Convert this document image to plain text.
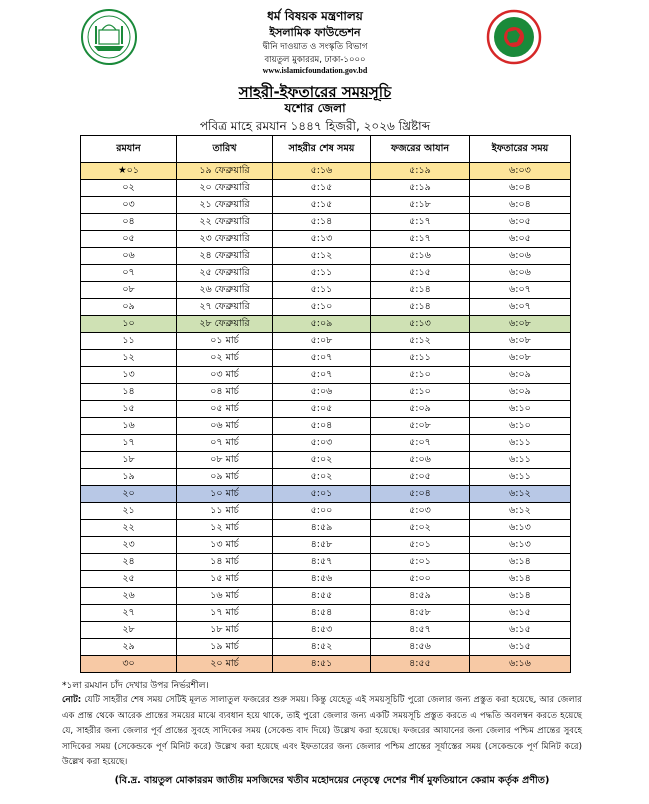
ধর্ম বিষয়ক মন্ত্রণালয়
ইসলামিক ফাউন্ডেশন
দ্বীনি দাওয়াত ও সংস্কৃতি বিভাগ
বায়তুল মুকাররম, ঢাকা-১০০০
www.islamicfoundation.gov.bd
সাহরী-ইফতারের সময়সূচি
যশোর জেলা
পবিত্র মাহে রমযান ১৪৪৭ হিজরী, ২০২৬ খ্রিষ্টাব্দ
রমযান	তারিখ	সাহরীর শেষ সময়	ফজরের আযান	ইফতারের সময়
★০১	১৯ ফেব্রুয়ারি	৫:১৬	৫:১৯	৬:০৩
০২	২০ ফেব্রুয়ারি	৫:১৫	৫:১৯	৬:০৪
০৩	২১ ফেব্রুয়ারি	৫:১৫	৫:১৮	৬:০৪
০৪	২২ ফেব্রুয়ারি	৫:১৪	৫:১৭	৬:০৫
০৫	২৩ ফেব্রুয়ারি	৫:১৩	৫:১৭	৬:০৫
০৬	২৪ ফেব্রুয়ারি	৫:১২	৫:১৬	৬:০৬
০৭	২৫ ফেব্রুয়ারি	৫:১১	৫:১৫	৬:০৬
০৮	২৬ ফেব্রুয়ারি	৫:১১	৫:১৪	৬:০৭
০৯	২৭ ফেব্রুয়ারি	৫:১০	৫:১৪	৬:০৭
১০	২৮ ফেব্রুয়ারি	৫:০৯	৫:১৩	৬:০৮
১১	০১ মার্চ	৫:০৮	৫:১২	৬:০৮
১২	০২ মার্চ	৫:০৭	৫:১১	৬:০৮
১৩	০৩ মার্চ	৫:০৭	৫:১০	৬:০৯
১৪	০৪ মার্চ	৫:০৬	৫:১০	৬:০৯
১৫	০৫ মার্চ	৫:০৫	৫:০৯	৬:১০
১৬	০৬ মার্চ	৫:০৪	৫:০৮	৬:১০
১৭	০৭ মার্চ	৫:০৩	৫:০৭	৬:১১
১৮	০৮ মার্চ	৫:০২	৫:০৬	৬:১১
১৯	০৯ মার্চ	৫:০২	৫:০৫	৬:১১
২০	১০ মার্চ	৫:০১	৫:০৪	৬:১২
২১	১১ মার্চ	৫:০০	৫:০৩	৬:১২
২২	১২ মার্চ	৪:৫৯	৫:০২	৬:১৩
২৩	১৩ মার্চ	৪:৫৮	৫:০১	৬:১৩
২৪	১৪ মার্চ	৪:৫৭	৫:০১	৬:১৪
২৫	১৫ মার্চ	৪:৫৬	৫:০০	৬:১৪
২৬	১৬ মার্চ	৪:৫৫	৪:৫৯	৬:১৪
২৭	১৭ মার্চ	৪:৫৪	৪:৫৮	৬:১৫
২৮	১৮ মার্চ	৪:৫৩	৪:৫৭	৬:১৫
২৯	১৯ মার্চ	৪:৫২	৪:৫৬	৬:১৫
৩০	২০ মার্চ	৪:৫১	৪:৫৫	৬:১৬
*১লা রমযান চাঁদ দেখার উপর নির্ভরশীল।
নোট: যেটি সাহরীর শেষ সময় সেটিই মূলত সালাতুল ফজরের শুরু সময়। কিন্তু যেহেতু এই সময়সূচিটি পুরো জেলার জন্য প্রস্তুত করা হয়েছে, আর জেলার এক প্রান্ত থেকে আরেক প্রান্তের সময়ের মাঝে ব্যবধান হয়ে থাকে, তাই পুরো জেলার জন্য একটি সময়সূচি প্রস্তুত করতে এ পদ্ধতি অবলম্বন করতে হয়েছে যে, সাহরীর জন্য জেলার পূর্ব প্রান্তের সুবহে সাদিকের সময় (সেকেন্ড বাদ দিয়ে) উল্লেখ করা হয়েছে। ফজরের আযানের জন্য জেলার পশ্চিম প্রান্তের সুবহে সাদিকের সময় (সেকেন্ডকে পূর্ণ মিনিট করে) উল্লেখ করা হয়েছে এবং ইফতারের জন্য জেলার পশ্চিম প্রান্তের সূর্যাস্তের সময় (সেকেন্ডকে পূর্ণ মিনিট করে) উল্লেখ করা হয়েছে।
(বি.দ্র. বায়তুল মোকাররম জাতীয় মসজিদের খতীব মহোদয়ের নেতৃত্বে দেশের শীর্ষ মুফতিয়ানে কেরাম কর্তৃক প্রণীত)
